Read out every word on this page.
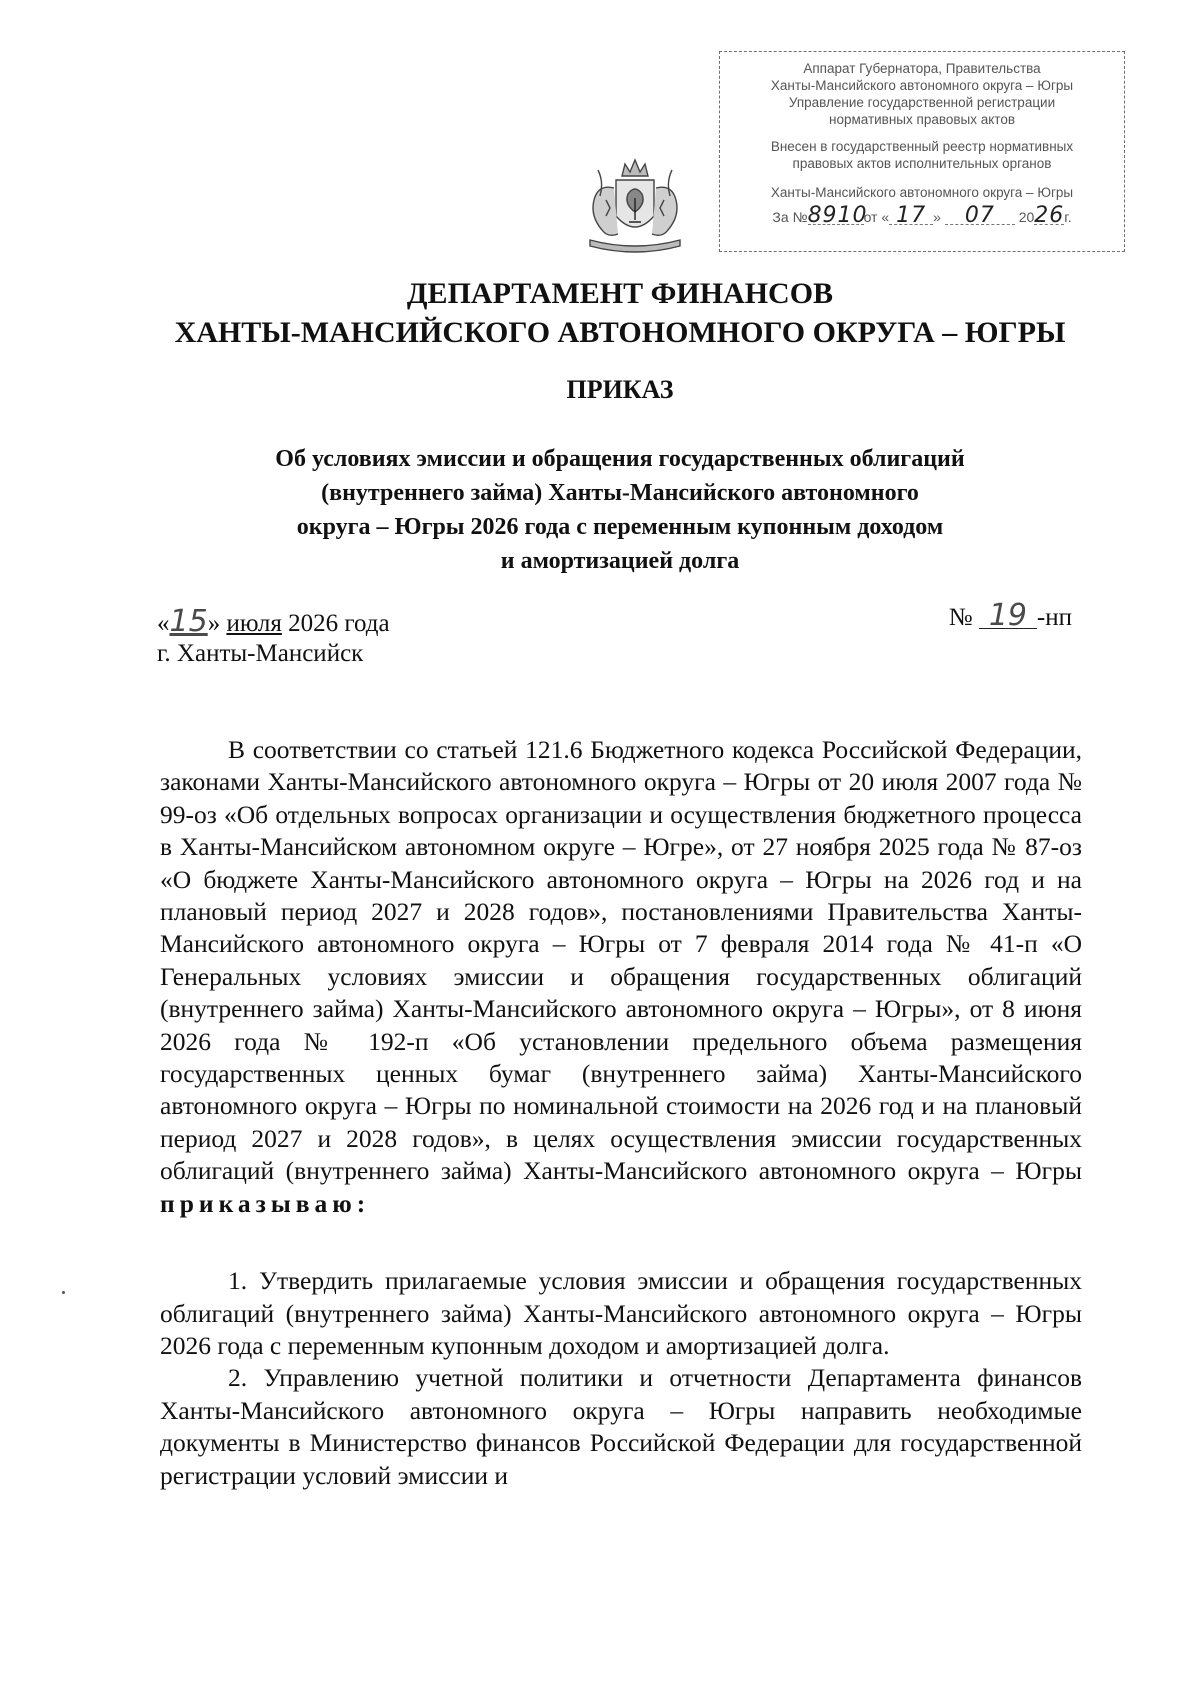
Аппарат Губернатора, Правительства
Ханты-Мансийского автономного округа – Югры
Управление государственной регистрации
нормативных правовых актов
Внесен в государственный реестр нормативных
правовых актов исполнительных органов
Ханты-Мансийского автономного округа – Югры
За №8910от « 17 » 07 2026г.
ДЕПАРТАМЕНТ ФИНАНСОВ
ХАНТЫ-МАНСИЙСКОГО АВТОНОМНОГО ОКРУГА – ЮГРЫ
ПРИКАЗ
Об условиях эмиссии и обращения государственных облигаций
(внутреннего займа) Ханты-Мансийского автономного
округа – Югры 2026 года с переменным купонным доходом
и амортизацией долга
«15» июля 2026 года
г. Ханты-Мансийск
№ 19 -нп

В соответствии со статьей 121.6 Бюджетного кодекса Российской Федерации, законами Ханты-Мансийского автономного округа – Югры от 20 июля 2007 года № 99-оз «Об отдельных вопросах организации и осуществления бюджетного процесса в Ханты-Мансийском автономном округе – Югре», от 27 ноября 2025 года № 87-оз «О бюджете Ханты-Мансийского автономного округа – Югры на 2026 год и на плановый период 2027 и 2028 годов», постановлениями Правительства Ханты-Мансийского автономного округа – Югры от 7 февраля 2014 года № 41-п «О Генеральных условиях эмиссии и обращения государственных облигаций (внутреннего займа) Ханты-Мансийского автономного округа – Югры», от 8 июня 2026 года № 192-п «Об установлении предельного объема размещения государственных ценных бумаг (внутреннего займа) Ханты-Мансийского автономного округа – Югры по номинальной стоимости на 2026 год и на плановый период 2027 и 2028 годов», в целях осуществления эмиссии государственных облигаций (внутреннего займа) Ханты-Мансийского автономного округа – Югры приказываю:

1. Утвердить прилагаемые условия эмиссии и обращения государственных облигаций (внутреннего займа) Ханты-Мансийского автономного округа – Югры 2026 года с переменным купонным доходом и амортизацией долга.

2. Управлению учетной политики и отчетности Департамента финансов Ханты-Мансийского автономного округа – Югры направить необходимые документы в Министерство финансов Российской Федерации для государственной регистрации условий эмиссии и
